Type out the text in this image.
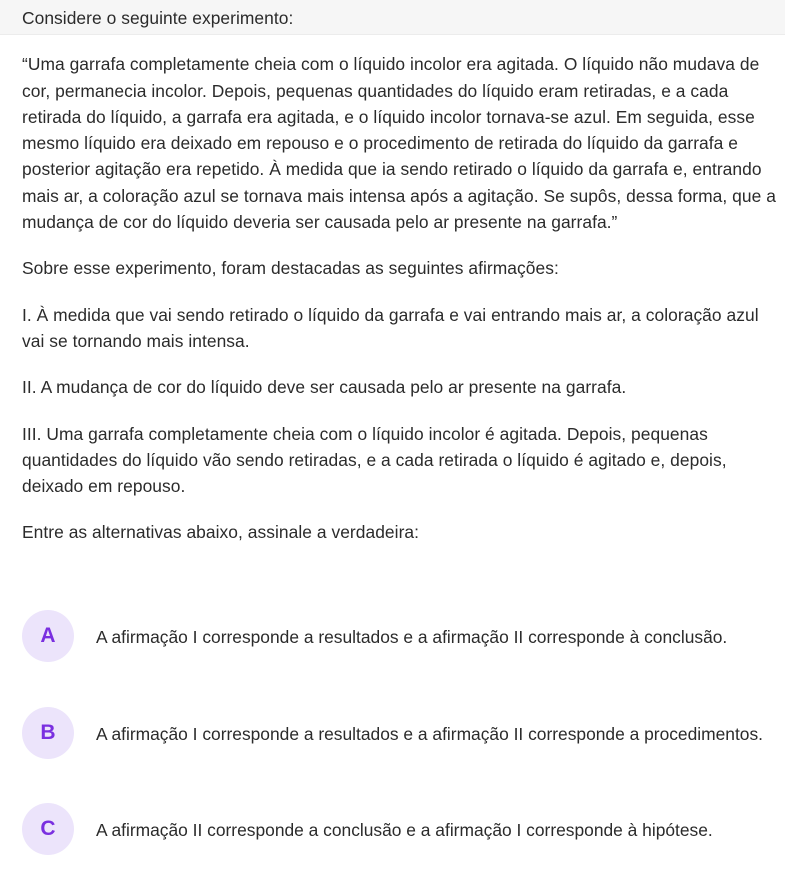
Considere o seguinte experimento:

“Uma garrafa completamente cheia com o líquido incolor era agitada. O líquido não mudava de cor, permanecia incolor. Depois, pequenas quantidades do líquido eram retiradas, e a cada retirada do líquido, a garrafa era agitada, e o líquido incolor tornava-se azul. Em seguida, esse mesmo líquido era deixado em repouso e o procedimento de retirada do líquido da garrafa e posterior agitação era repetido. À medida que ia sendo retirado o líquido da garrafa e, entrando mais ar, a coloração azul se tornava mais intensa após a agitação. Se supôs, dessa forma, que a mudança de cor do líquido deveria ser causada pelo ar presente na garrafa.”

Sobre esse experimento, foram destacadas as seguintes afirmações:

I. À medida que vai sendo retirado o líquido da garrafa e vai entrando mais ar, a coloração azul vai se tornando mais intensa.

II. A mudança de cor do líquido deve ser causada pelo ar presente na garrafa.

III. Uma garrafa completamente cheia com o líquido incolor é agitada. Depois, pequenas quantidades do líquido vão sendo retiradas, e a cada retirada o líquido é agitado e, depois, deixado em repouso.

Entre as alternativas abaixo, assinale a verdadeira:

A	A afirmação I corresponde a resultados e a afirmação II corresponde à conclusão.
B	A afirmação I corresponde a resultados e a afirmação II corresponde a procedimentos.
C	A afirmação II corresponde a conclusão e a afirmação I corresponde à hipótese.
